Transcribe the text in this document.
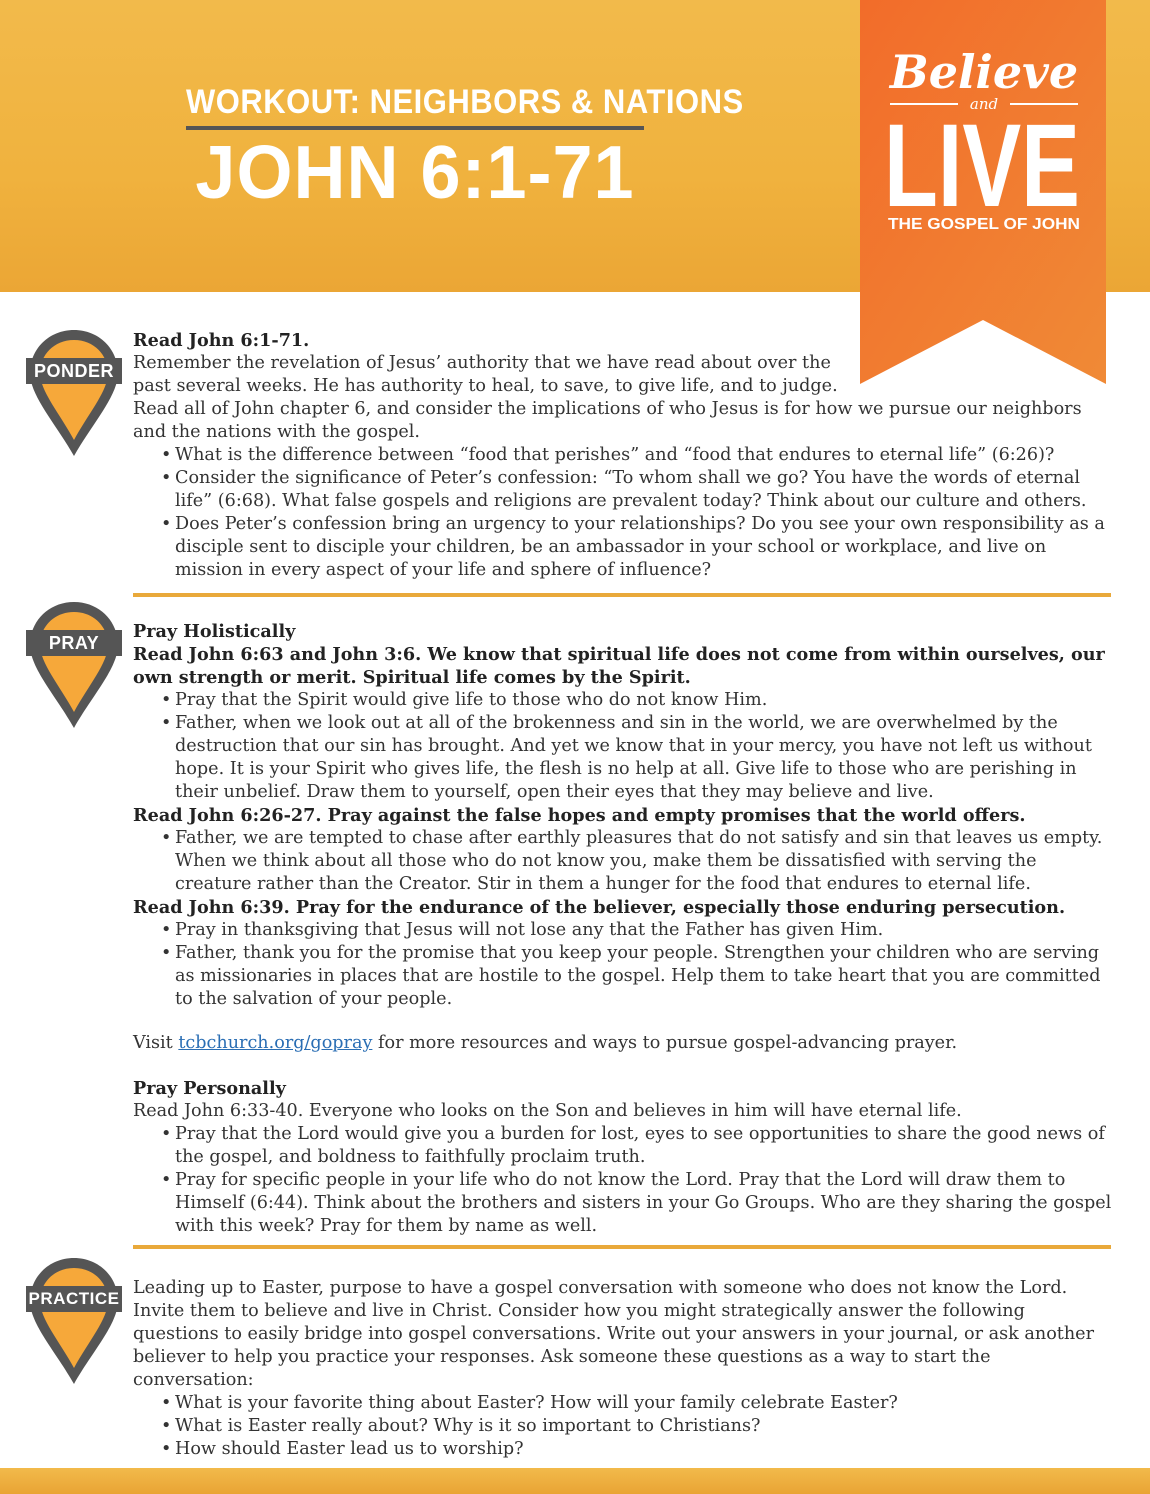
WORKOUT: NEIGHBORS & NATIONS
JOHN 6:1-71
Believe
and
LIVE
THE GOSPEL OF JOHN
PONDER

Read John 6:1-71.

Remember the revelation of Jesus’ authority that we have read about over the

past several weeks. He has authority to heal, to save, to give life, and to judge.

Read all of John chapter 6, and consider the implications of who Jesus is for how we pursue our neighbors and the nations with the gospel.

• What is the difference between “food that perishes” and “food that endures to eternal life” (6:26)?
• Consider the significance of Peter’s confession: “To whom shall we go? You have the words of eternal life” (6:68). What false gospels and religions are prevalent today? Think about our culture and others.
• Does Peter’s confession bring an urgency to your relationships? Do you see your own responsibility as a disciple sent to disciple your children, be an ambassador in your school or workplace, and live on mission in every aspect of your life and sphere of influence?
PRAY

Pray Holistically

Read John 6:63 and John 3:6. We know that spiritual life does not come from within ourselves, our own strength or merit. Spiritual life comes by the Spirit.

• Pray that the Spirit would give life to those who do not know Him.
• Father, when we look out at all of the brokenness and sin in the world, we are overwhelmed by the destruction that our sin has brought. And yet we know that in your mercy, you have not left us without hope. It is your Spirit who gives life, the flesh is no help at all. Give life to those who are perishing in their unbelief. Draw them to yourself, open their eyes that they may believe and live.

Read John 6:26-27. Pray against the false hopes and empty promises that the world offers.

• Father, we are tempted to chase after earthly pleasures that do not satisfy and sin that leaves us empty. When we think about all those who do not know you, make them be dissatisfied with serving the creature rather than the Creator. Stir in them a hunger for the food that endures to eternal life.

Read John 6:39. Pray for the endurance of the believer, especially those enduring persecution.

• Pray in thanksgiving that Jesus will not lose any that the Father has given Him.
• Father, thank you for the promise that you keep your people. Strengthen your children who are serving as missionaries in places that are hostile to the gospel. Help them to take heart that you are committed to the salvation of your people.

Visit tcbchurch.org/gopray for more resources and ways to pursue gospel-advancing prayer.

Pray Personally

Read John 6:33-40. Everyone who looks on the Son and believes in him will have eternal life.

• Pray that the Lord would give you a burden for lost, eyes to see opportunities to share the good news of the gospel, and boldness to faithfully proclaim truth.
• Pray for specific people in your life who do not know the Lord. Pray that the Lord will draw them to Himself (6:44). Think about the brothers and sisters in your Go Groups. Who are they sharing the gospel with this week? Pray for them by name as well.
PRACTICE

Leading up to Easter, purpose to have a gospel conversation with someone who does not know the Lord. Invite them to believe and live in Christ. Consider how you might strategically answer the following questions to easily bridge into gospel conversations. Write out your answers in your journal, or ask another believer to help you practice your responses. Ask someone these questions as a way to start the conversation:

• What is your favorite thing about Easter? How will your family celebrate Easter?
• What is Easter really about? Why is it so important to Christians?
• How should Easter lead us to worship?
